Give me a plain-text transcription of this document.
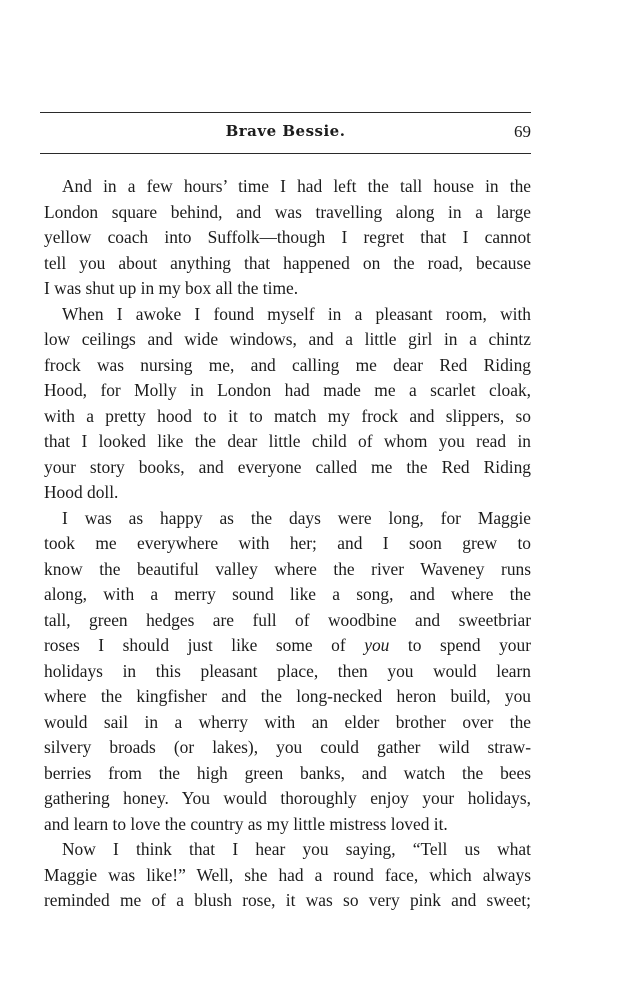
Brave Bessie.	69
And in a few hours’ time I had left the tall house in the
London square behind, and was travelling along in a large
yellow coach into Suffolk—though I regret that I cannot
tell you about anything that happened on the road, because
I was shut up in my box all the time.
When I awoke I found myself in a pleasant room, with
low ceilings and wide windows, and a little girl in a chintz
frock was nursing me, and calling me dear Red Riding
Hood, for Molly in London had made me a scarlet cloak,
with a pretty hood to it to match my frock and slippers, so
that I looked like the dear little child of whom you read in
your story books, and everyone called me the Red Riding
Hood doll.
I was as happy as the days were long, for Maggie
took me everywhere with her; and I soon grew to
know the beautiful valley where the river Waveney runs
along, with a merry sound like a song, and where the
tall, green hedges are full of woodbine and sweetbriar
roses I should just like some of you to spend your
holidays in this pleasant place, then you would learn
where the kingfisher and the long-necked heron build, you
would sail in a wherry with an elder brother over the
silvery broads (or lakes), you could gather wild straw-
berries from the high green banks, and watch the bees
gathering honey. You would thoroughly enjoy your holidays,
and learn to love the country as my little mistress loved it.
Now I think that I hear you saying, “Tell us what
Maggie was like!” Well, she had a round face, which always
reminded me of a blush rose, it was so very pink and sweet;
